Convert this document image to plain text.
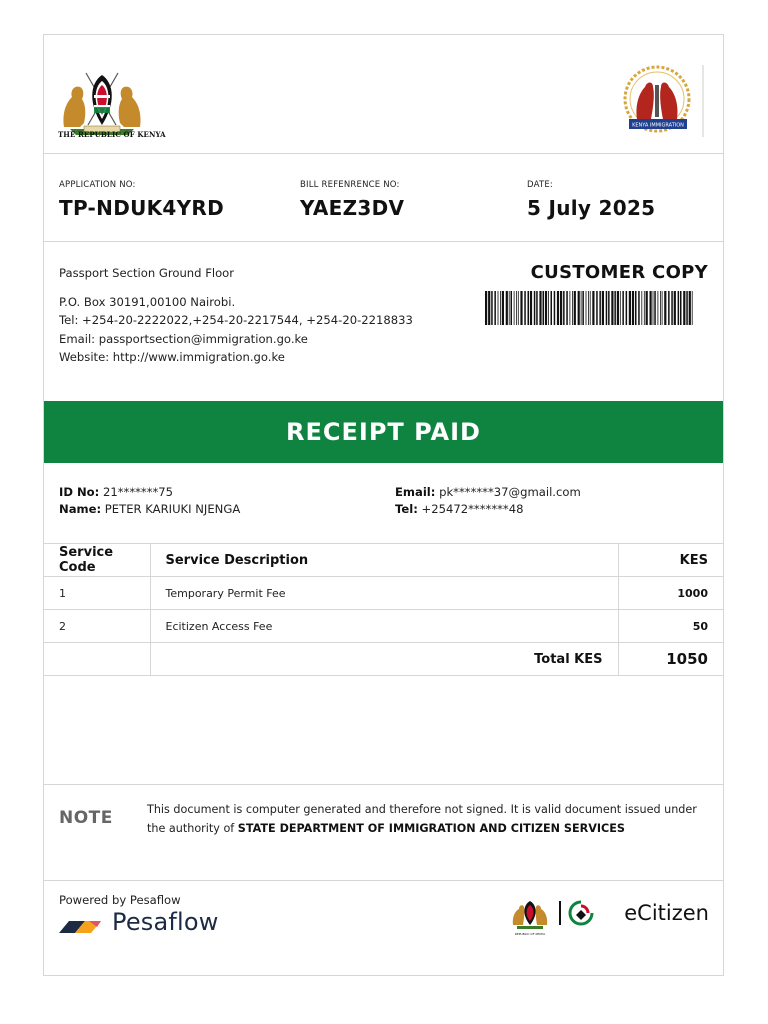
THE REPUBLIC OF KENYA
KENYA IMMIGRATION
APPLICATION NO:
TP-NDUK4YRD
BILL REFENRENCE NO:
YAEZ3DV
DATE:
5 July 2025
Passport Section Ground Floor
P.O. Box 30191,00100 Nairobi.
Tel: +254-20-2222022,+254-20-2217544, +254-20-2218833
Email: passportsection@immigration.go.ke
Website: http://www.immigration.go.ke
CUSTOMER COPY
RECEIPT PAID
ID No: 21*******75
Name: PETER KARIUKI NJENGA
Email: pk*******37@gmail.com
Tel: +25472*******48
Service Code	Service Description	KES
1	Temporary Permit Fee	1000
2	Ecitizen Access Fee	50
	Total KES	1050
NOTE	This document is computer generated and therefore not signed. It is valid document issued under the authority of STATE DEPARTMENT OF IMMIGRATION AND CITIZEN SERVICES
Powered by Pesaflow
Pesaflow	REPUBLIC OF KENYA
eCitizen
